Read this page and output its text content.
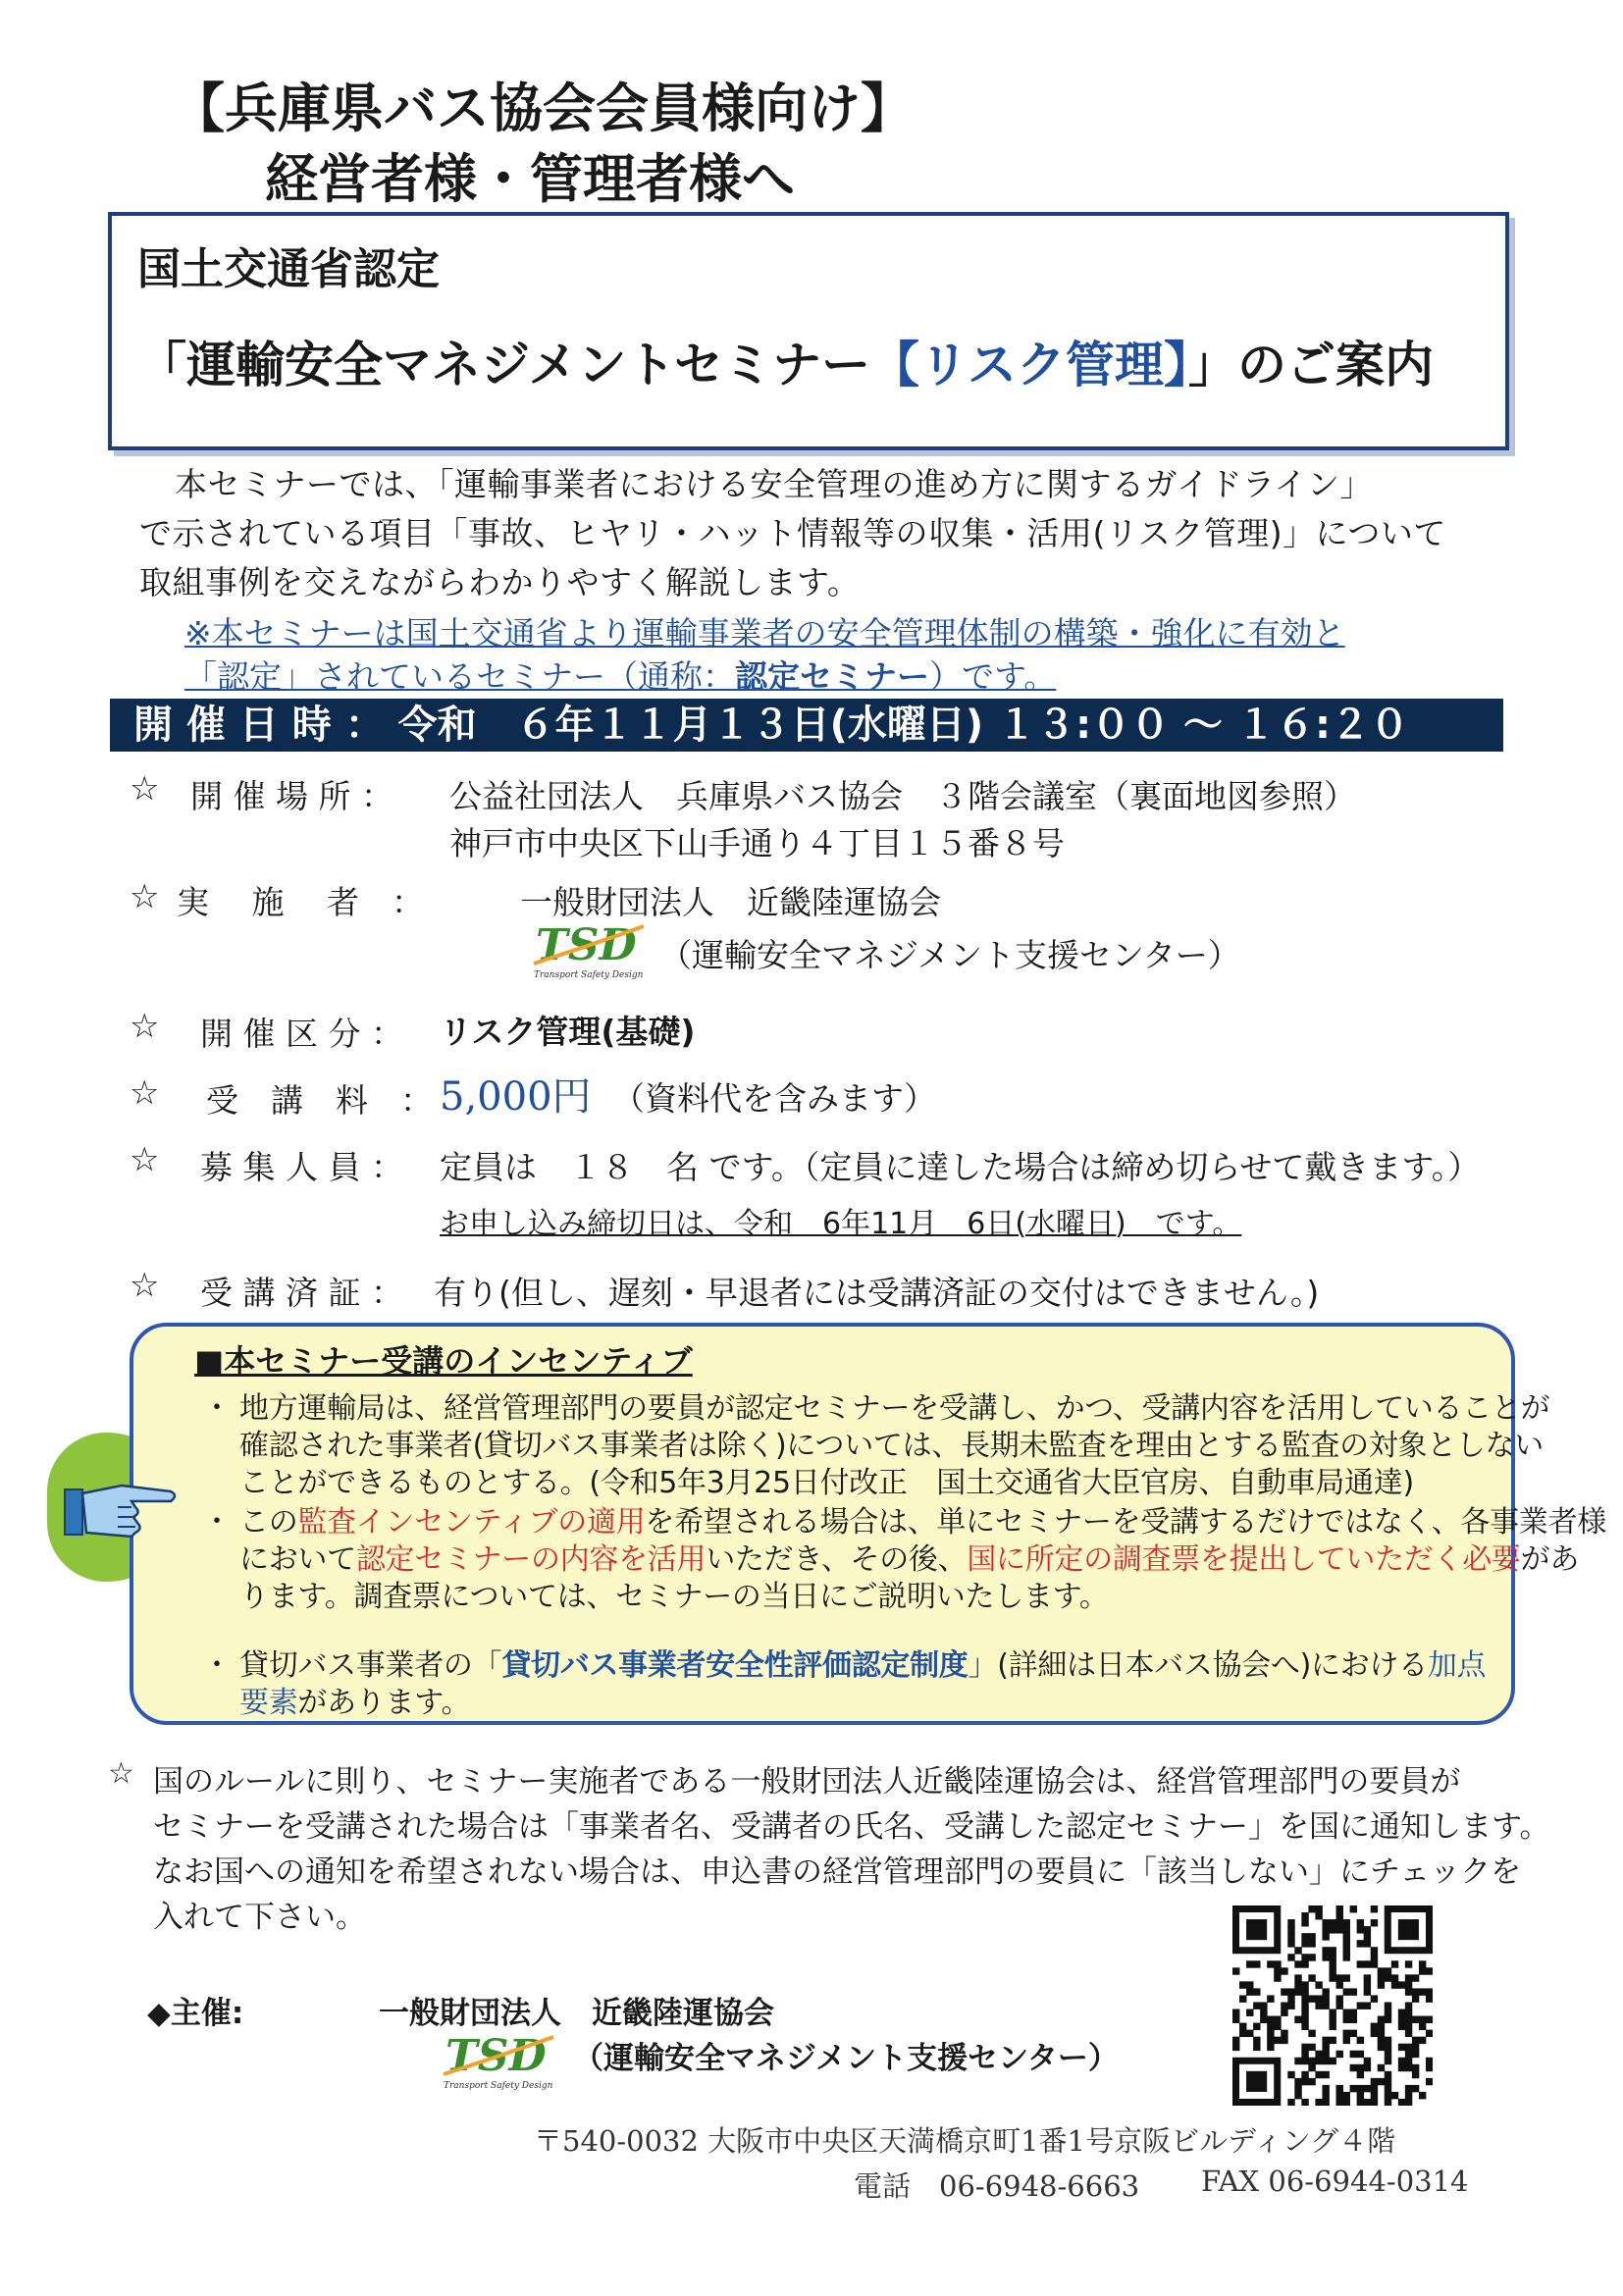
【兵庫県バス協会会員様向け】
経営者様・管理者様へ
国土交通省認定
「運輸安全マネジメントセミナー【リスク管理】」のご案内
本セミナーでは、「運輸事業者における安全管理の進め方に関するガイドライン」
で示されている項目「事故、ヒヤリ・ハット情報等の収集・活用(リスク管理)」について
取組事例を交えながらわかりやすく解説します。
※本セミナーは国土交通省より運輸事業者の安全管理体制の構築・強化に有効と
「認定」されているセミナー（通称：認定セミナー）です。
開 催 日 時 ： 令和　６年１１月１３日(水曜日) １３:００ 〜 １６:２０
☆ 開 催 場 所 ： 公益社団法人　兵庫県バス協会　３階会議室（裏面地図参照）
神戸市中央区下山手通り４丁目１５番８号
☆ 実　 施　 者　：	一般財団法人　近畿陸運協会
TSD
Transport Safety Design
（運輸安全マネジメント支援センター）
☆ 開 催 区 分 ： リスク管理(基礎)
☆ 受　講　料　： 5,000円 （資料代を含みます）
☆ 募 集 人 員 ： 定員は　１８　名 です。（定員に達した場合は締め切らせて戴きます。）
お申し込み締切日は、令和　6年11月　6日(水曜日)　です。
☆ 受 講 済 証 ： 有り(但し、遅刻・早退者には受講済証の交付はできません。)
■本セミナー受講のインセンティブ
・ 地方運輸局は、経営管理部門の要員が認定セミナーを受講し、かつ、受講内容を活用していることが
確認された事業者(貸切バス事業者は除く)については、長期未監査を理由とする監査の対象としない
ことができるものとする。(令和5年3月25日付改正　国土交通省大臣官房、自動車局通達)
・ この監査インセンティブの適用を希望される場合は、単にセミナーを受講するだけではなく、各事業者様
において認定セミナーの内容を活用いただき、その後、国に所定の調査票を提出していただく必要があ
ります。調査票については、セミナーの当日にご説明いたします。
・ 貸切バス事業者の「貸切バス事業者安全性評価認定制度」(詳細は日本バス協会へ)における加点
要素があります。
☆ 国のルールに則り、セミナー実施者である一般財団法人近畿陸運協会は、経営管理部門の要員が
セミナーを受講された場合は「事業者名、受講者の氏名、受講した認定セミナー」を国に通知します。
なお国への通知を希望されない場合は、申込書の経営管理部門の要員に「該当しない」にチェックを
入れて下さい。
◆主催:	一般財団法人　近畿陸運協会
TSD
Transport Safety Design
（運輸安全マネジメント支援センター）
〒540-0032 大阪市中央区天満橋京町1番1号京阪ビルディング４階
電話　06-6948-6663 FAX 06-6944-0314
